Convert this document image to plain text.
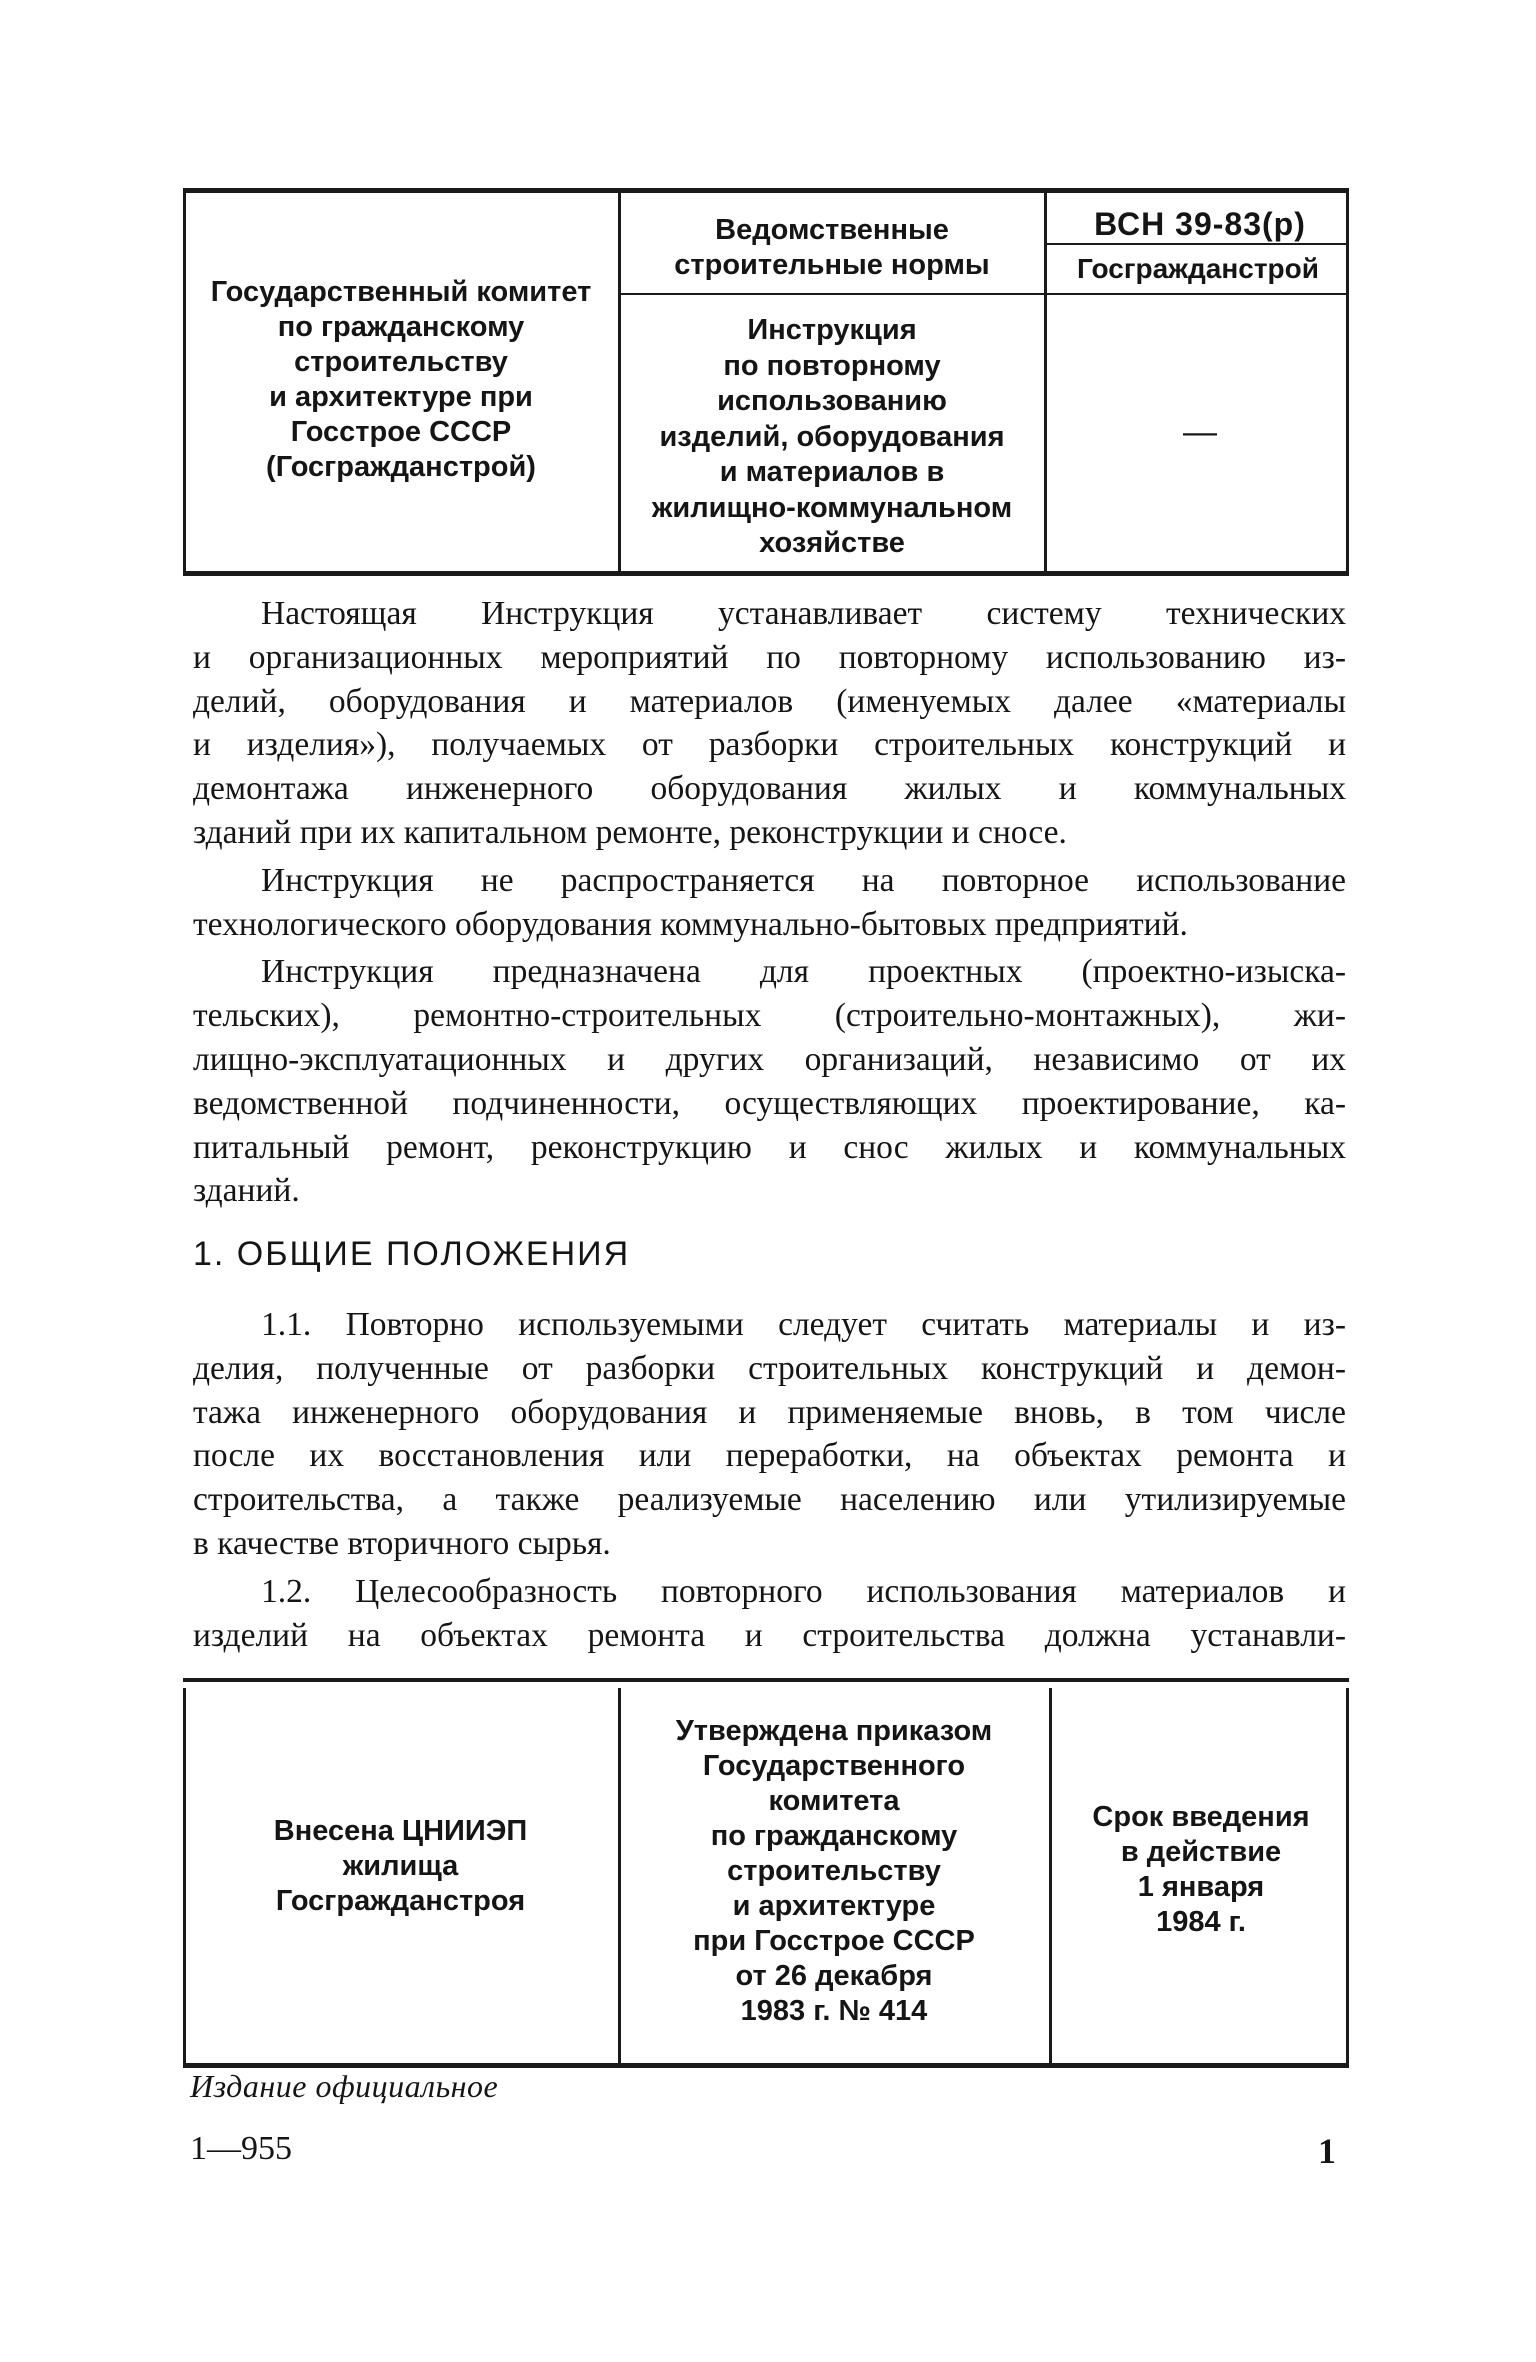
Государственный комитет
по гражданскому
строительству
и архитектуре при
Госстрое СССР
(Госгражданстрой)
Ведомственные
строительные нормы
Инструкция
по повторному
использованию
изделий, оборудования
и материалов в
жилищно-коммунальном
хозяйстве
ВСН 39-83(р)
Госгражданстрой
—
Настоящая Инструкция устанавливает систему технических
и организационных мероприятий по повторному использованию из-
делий, оборудования и материалов (именуемых далее «материалы
и изделия»), получаемых от разборки строительных конструкций и
демонтажа инженерного оборудования жилых и коммунальных
зданий при их капитальном ремонте, реконструкции и сносе.
Инструкция не распространяется на повторное использование
технологического оборудования коммунально-бытовых предприятий.
Инструкция предназначена для проектных (проектно-изыска-
тельских), ремонтно-строительных (строительно-монтажных), жи-
лищно-эксплуатационных и других организаций, независимо от их
ведомственной подчиненности, осуществляющих проектирование, ка-
питальный ремонт, реконструкцию и снос жилых и коммунальных
зданий.
1. ОБЩИЕ ПОЛОЖЕНИЯ
1.1. Повторно используемыми следует считать материалы и из-
делия, полученные от разборки строительных конструкций и демон-
тажа инженерного оборудования и применяемые вновь, в том числе
после их восстановления или переработки, на объектах ремонта и
строительства, а также реализуемые населению или утилизируемые
в качестве вторичного сырья.
1.2. Целесообразность повторного использования материалов и
изделий на объектах ремонта и строительства должна устанавли-
Внесена ЦНИИЭП
жилища
Госгражданстроя
Утверждена приказом
Государственного
комитета
по гражданскому
строительству
и архитектуре
при Госстрое СССР
от 26 декабря
1983 г. № 414
Срок введения
в действие
1 января
1984 г.
Издание официальное
1—955	1
